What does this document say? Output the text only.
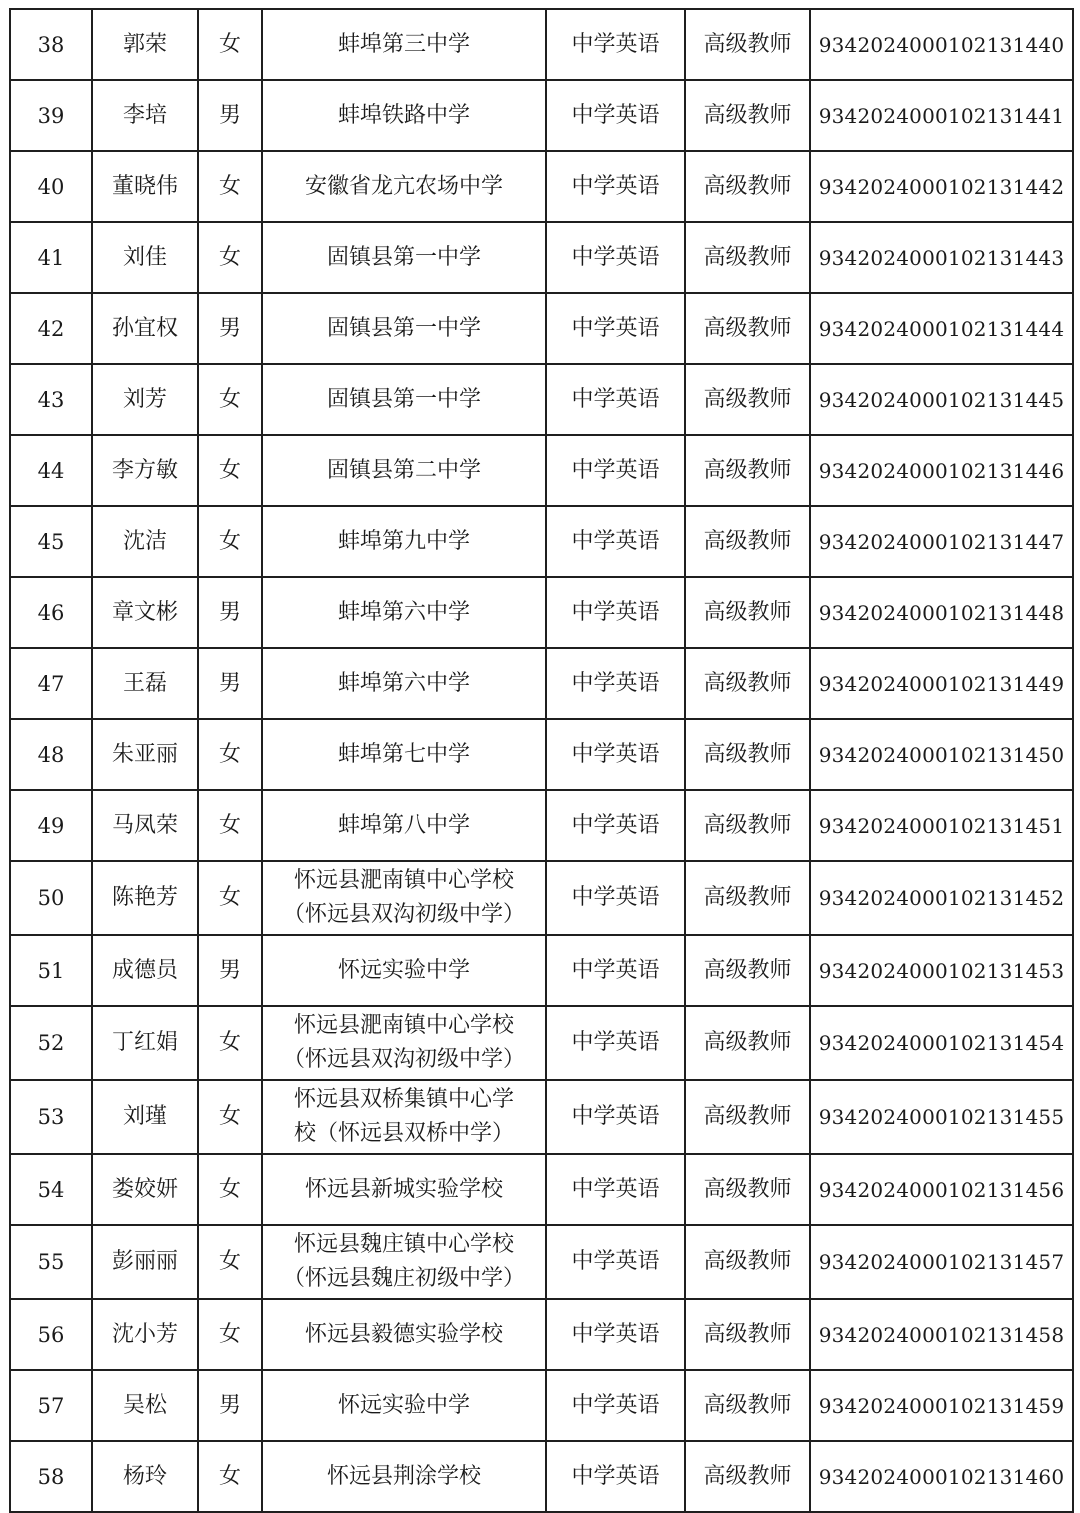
38	郭荣	女	蚌埠第三中学	中学英语	高级教师	9342024000102131440
39	李培	男	蚌埠铁路中学	中学英语	高级教师	9342024000102131441
40	董晓伟	女	安徽省龙亢农场中学	中学英语	高级教师	9342024000102131442
41	刘佳	女	固镇县第一中学	中学英语	高级教师	9342024000102131443
42	孙宜权	男	固镇县第一中学	中学英语	高级教师	9342024000102131444
43	刘芳	女	固镇县第一中学	中学英语	高级教师	9342024000102131445
44	李方敏	女	固镇县第二中学	中学英语	高级教师	9342024000102131446
45	沈洁	女	蚌埠第九中学	中学英语	高级教师	9342024000102131447
46	章文彬	男	蚌埠第六中学	中学英语	高级教师	9342024000102131448
47	王磊	男	蚌埠第六中学	中学英语	高级教师	9342024000102131449
48	朱亚丽	女	蚌埠第七中学	中学英语	高级教师	9342024000102131450
49	马凤荣	女	蚌埠第八中学	中学英语	高级教师	9342024000102131451
50	陈艳芳	女	怀远县淝南镇中心学校
（怀远县双沟初级中学）	中学英语	高级教师	9342024000102131452
51	成德员	男	怀远实验中学	中学英语	高级教师	9342024000102131453
52	丁红娟	女	怀远县淝南镇中心学校
（怀远县双沟初级中学）	中学英语	高级教师	9342024000102131454
53	刘瑾	女	怀远县双桥集镇中心学
校（怀远县双桥中学）	中学英语	高级教师	9342024000102131455
54	娄姣妍	女	怀远县新城实验学校	中学英语	高级教师	9342024000102131456
55	彭丽丽	女	怀远县魏庄镇中心学校
（怀远县魏庄初级中学）	中学英语	高级教师	9342024000102131457
56	沈小芳	女	怀远县毅德实验学校	中学英语	高级教师	9342024000102131458
57	吴松	男	怀远实验中学	中学英语	高级教师	9342024000102131459
58	杨玲	女	怀远县荆涂学校	中学英语	高级教师	9342024000102131460
